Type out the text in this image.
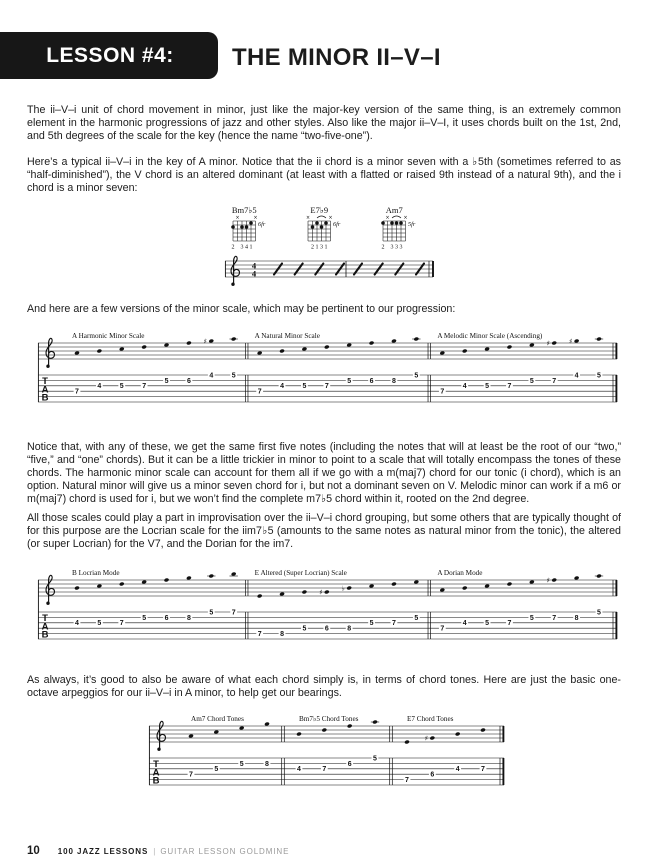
LESSON #4: THE MINOR II–V–I
The ii–V–i unit of chord movement in minor, just like the major-key version of the same thing, is an extremely common element in the harmonic progressions of jazz and other styles. Also like the major ii–V–I, it uses chords built on the 1st, 2nd, and 5th degrees of the scale for the key (hence the name “two-five-one”).
Here’s a typical ii–V–i in the key of A minor. Notice that the ii chord is a minor seven with a ♭5th (sometimes referred to as “half-diminished”), the V chord is an altered dominant (at least with a flatted or raised 9th instead of a natural 9th), and the i chord is a minor seven:
Bm7♭5
×	×
6fr
2 3 4 1
E7♭9
×	×
6fr
2 1 3 1
Am7
×	×
5fr
2 3 3 3
4
4
And here are a few versions of the minor scale, which may be pertinent to our progression:
T
A
B
A Harmonic Minor Scale
7
4	5	7
5	6
♯
4	5
A Natural Minor Scale
7
4	5	7
5	6	8
5
A Melodic Minor Scale (Ascending)
7
4	5	7
5
♯
7
♯
4	5
Notice that, with any of these, we get the same first five notes (including the notes that will at least be the root of our “two,” “five,” and “one” chords). But it can be a little trickier in minor to point to a scale that will totally encompass the tones of these chords. The harmonic minor scale can account for them all if we go with a m(maj7) chord for our tonic (i chord), which is an option. Natural minor will give us a minor seven chord for i, but not a dominant seven on V. Melodic minor can work if a m6 or m(maj7) chord is used for i, but we won’t find the complete m7♭5 chord within it, rooted on the 2nd degree.
All those scales could play a part in improvisation over the ii–V–i chord grouping, but some others that are typically thought of for this purpose are the Locrian scale for the iim7♭5 (amounts to the same notes as natural minor from the tonic), the altered (or super Locrian) for the V7, and the Dorian for the im7.
T
A
B
B Locrian Mode
4	5	7
5	6	8
5	7
E Altered (Super Locrian) Scale
7	8
5
♯
6
♭
8
5	7
5
A Dorian Mode
7
4	5	7
5
♯
7	8
5
As always, it’s good to also be aware of what each chord simply is, in terms of chord tones. Here are just the basic one-octave arpeggios for our ii–V–i in A minor, to help get our bearings.
T
A
B
Am7 Chord Tones
7
5
5	8
Bm7♭5 Chord Tones
4	7
6
5
E7 Chord Tones
7
♯
6
4	7
10 100 JAZZ LESSONS | GUITAR LESSON GOLDMINE
